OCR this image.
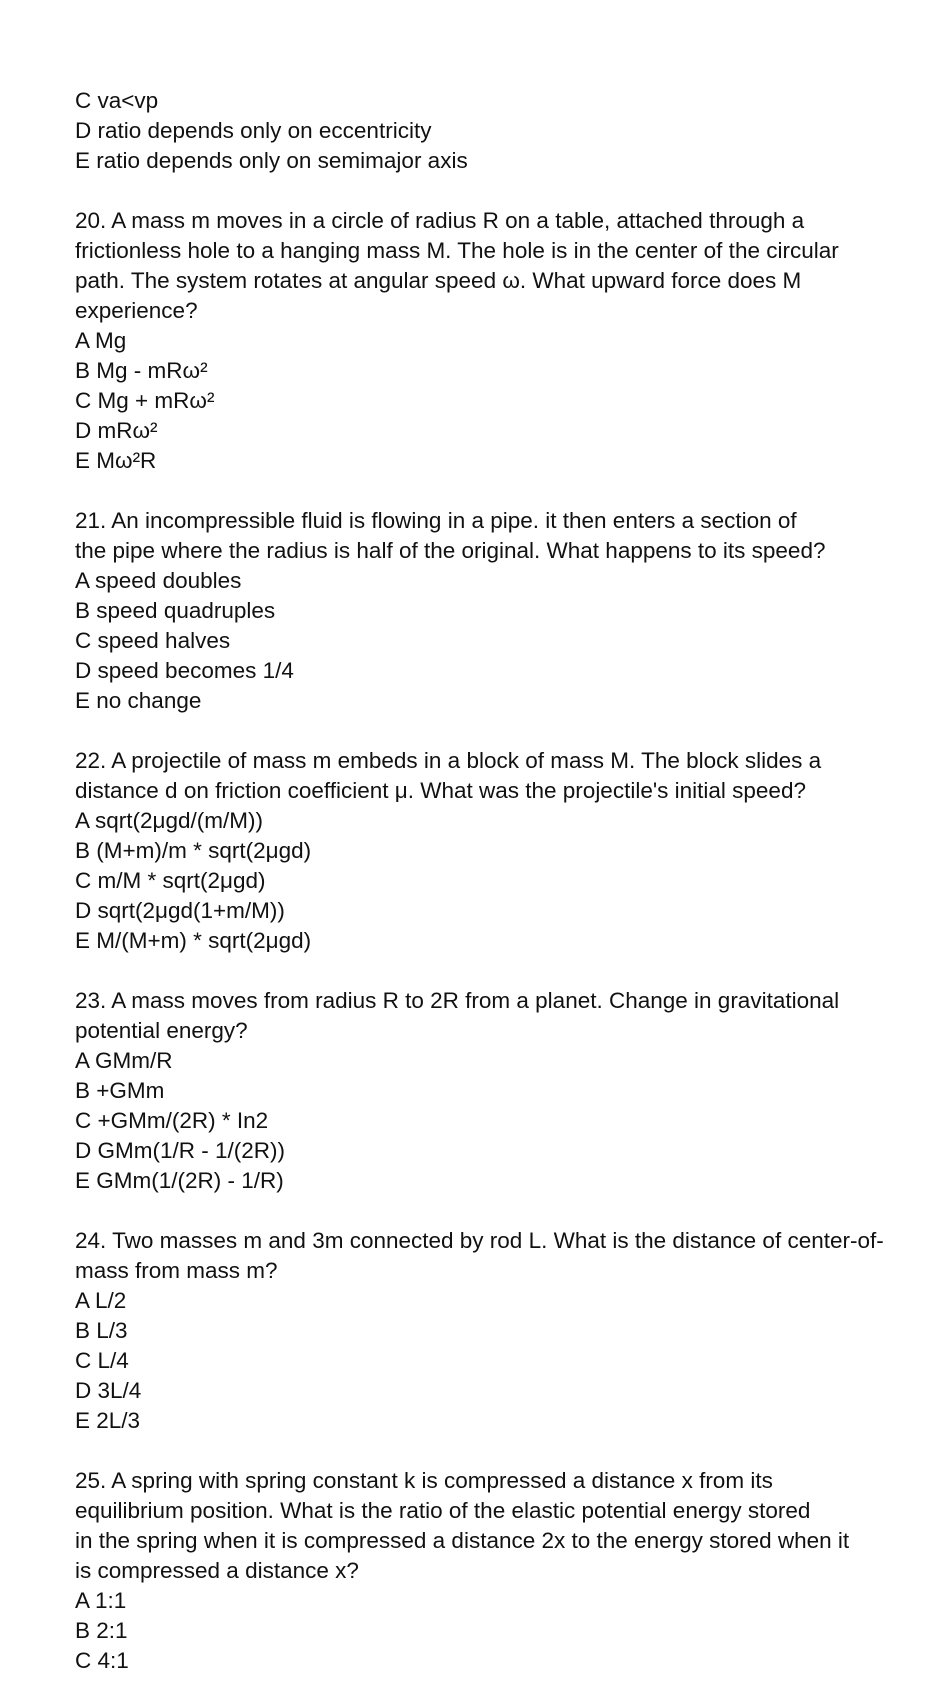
C va<vp
D ratio depends only on eccentricity
E ratio depends only on semimajor axis
20. A mass m moves in a circle of radius R on a table, attached through a
frictionless hole to a hanging mass M. The hole is in the center of the circular
path. The system rotates at angular speed ω. What upward force does M
experience?
A Mg
B Mg - mRω²
C Mg + mRω²
D mRω²
E Mω²R
21. An incompressible fluid is flowing in a pipe. it then enters a section of
the pipe where the radius is half of the original. What happens to its speed?
A speed doubles
B speed quadruples
C speed halves
D speed becomes 1/4
E no change
22. A projectile of mass m embeds in a block of mass M. The block slides a
distance d on friction coefficient μ. What was the projectile's initial speed?
A sqrt(2μgd/(m/M))
B (M+m)/m * sqrt(2μgd)
C m/M * sqrt(2μgd)
D sqrt(2μgd(1+m/M))
E M/(M+m) * sqrt(2μgd)
23. A mass moves from radius R to 2R from a planet. Change in gravitational
potential energy?
A GMm/R
B +GMm
C +GMm/(2R) * In2
D GMm(1/R - 1/(2R))
E GMm(1/(2R) - 1/R)
24. Two masses m and 3m connected by rod L. What is the distance of center-of-
mass from mass m?
A L/2
B L/3
C L/4
D 3L/4
E 2L/3
25. A spring with spring constant k is compressed a distance x from its
equilibrium position. What is the ratio of the elastic potential energy stored
in the spring when it is compressed a distance 2x to the energy stored when it
is compressed a distance x?
A 1:1
B 2:1
C 4:1
